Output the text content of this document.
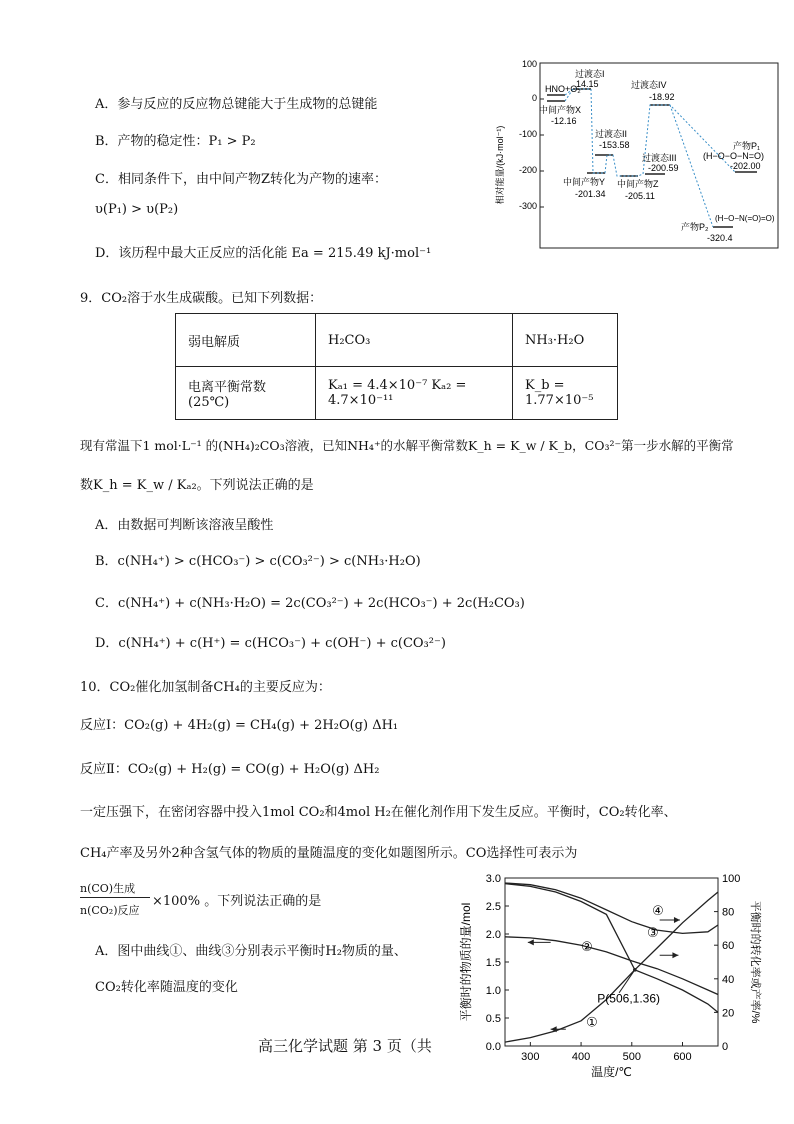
A．参与反应的反应物总键能大于生成物的总键能
B．产物的稳定性：P₁ > P₂
C．相同条件下，由中间产物Z转化为产物的速率：
υ(P₁) > υ(P₂)
D．该历程中最大正反应的活化能 Ea = 215.49 kJ·mol⁻¹
相对能量/(kJ·mol⁻¹)
100
0
-100
-200
-300
过渡态I
14.15
HNO+O₂
中间产物X
-12.16
过渡态II
-153.58
中间产物Y
-201.34
中间产物Z
-205.11
过渡态III
-200.59
过渡态IV
-18.92
产物P₁
(H−O−O−N=O)
-202.00
产物P₂
(H−O−N(=O)=O)
-320.4
9．CO₂溶于水生成碳酸。已知下列数据：
弱电解质	H₂CO₃	NH₃·H₂O
电离平衡常数(25℃)	Kₐ₁ = 4.4×10⁻⁷ Kₐ₂ = 4.7×10⁻¹¹	K_b = 1.77×10⁻⁵
现有常温下1 mol·L⁻¹ 的(NH₄)₂CO₃溶液，已知NH₄⁺的水解平衡常数K_h = K_w / K_b，CO₃²⁻第一步水解的平衡常
数K_h = K_w / Kₐ₂。下列说法正确的是
A．由数据可判断该溶液呈酸性
B．c(NH₄⁺) > c(HCO₃⁻) > c(CO₃²⁻) > c(NH₃·H₂O)
C．c(NH₄⁺) + c(NH₃·H₂O) = 2c(CO₃²⁻) + 2c(HCO₃⁻) + 2c(H₂CO₃)
D．c(NH₄⁺) + c(H⁺) = c(HCO₃⁻) + c(OH⁻) + c(CO₃²⁻)
10．CO₂催化加氢制备CH₄的主要反应为：
反应Ⅰ：CO₂(g) + 4H₂(g) = CH₄(g) + 2H₂O(g) ΔH₁
反应Ⅱ：CO₂(g) + H₂(g) = CO(g) + H₂O(g) ΔH₂
一定压强下，在密闭容器中投入1mol CO₂和4mol H₂在催化剂作用下发生反应。平衡时，CO₂转化率、
CH₄产率及另外2种含氢气体的物质的量随温度的变化如题图所示。CO选择性可表示为
n(CO)生成
n(CO₂)反应
×100% 。下列说法正确的是
A．图中曲线①、曲线③分别表示平衡时H₂物质的量、
CO₂转化率随温度的变化
0.0
0.5
1.0
1.5
2.0
2.5
3.0
0
20
40
60
80
100
300	400	500	600
温度/℃
平衡时的物质的量/mol	平衡时的转化率或产率/%
①
②
③
④
P(506,1.36)
高三化学试题 第 3 页（共
